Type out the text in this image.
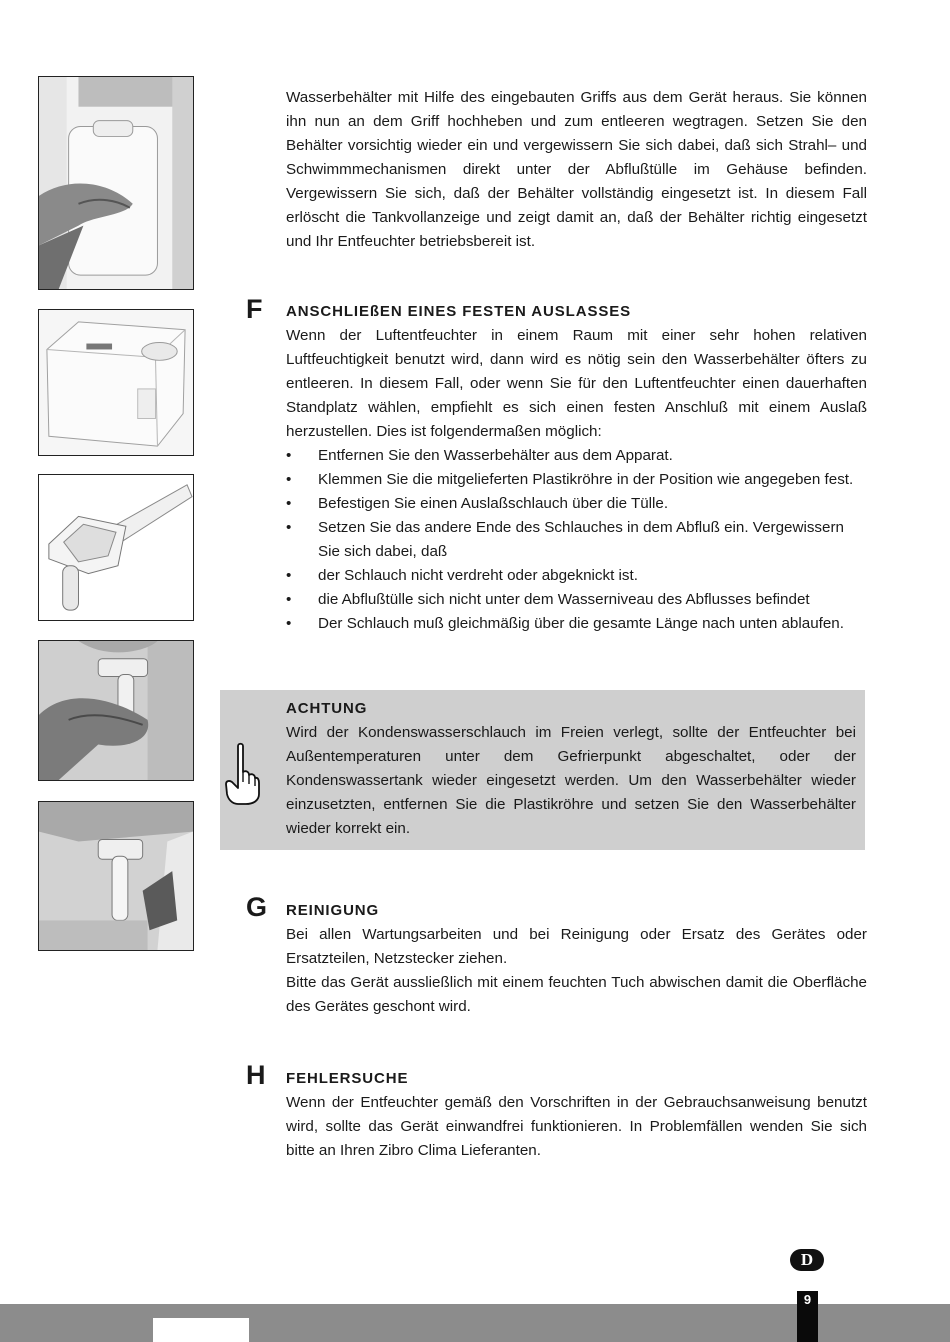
Wasserbehälter mit Hilfe des eingebauten Griffs aus dem Gerät heraus. Sie können ihn nun an dem Griff hochheben und zum entleeren wegtragen. Setzen Sie den Behälter vorsichtig wieder ein und vergewissern Sie sich dabei, daß sich Strahl– und Schwimmmechanismen direkt unter der Abflußtülle im Gehäuse befinden. Vergewissern Sie sich, daß der Behälter vollständig eingesetzt ist. In diesem Fall erlöscht die Tankvollanzeige und zeigt damit an, daß der Behälter richtig eingesetzt und Ihr Entfeuchter betriebsbereit ist.

F ANSCHLIEßEN EINES FESTEN AUSLASSES

Wenn der Luftentfeuchter in einem Raum mit einer sehr hohen relativen Luftfeuchtigkeit benutzt wird, dann wird es nötig sein den Wasserbehälter öfters zu entleeren. In diesem Fall, oder wenn Sie für den Luftentfeuchter einen dauerhaften Standplatz wählen, empfiehlt es sich einen festen Anschluß mit einem Auslaß herzustellen. Dies ist folgendermaßen möglich:

• Entfernen Sie den Wasserbehälter aus dem Apparat.
• Klemmen Sie die mitgelieferten Plastikröhre in der Position wie angegeben fest.
• Befestigen Sie einen Auslaßschlauch über die Tülle.
• Setzen Sie das andere Ende des Schlauches in dem Abfluß ein. Vergewissern Sie sich dabei, daß
• der Schlauch nicht verdreht oder abgeknickt ist.
• die Abflußtülle sich nicht unter dem Wasserniveau des Abflusses befindet
• Der Schlauch muß gleichmäßig über die gesamte Länge nach unten ablaufen.

ACHTUNG

Wird der Kondenswasserschlauch im Freien verlegt, sollte der Entfeuchter bei Außentemperaturen unter dem Gefrierpunkt abgeschaltet, oder der Kondenswassertank wieder eingesetzt werden. Um den Wasserbehälter wieder einzusetzten, entfernen Sie die Plastikröhre und setzen Sie den Wasserbehälter wieder korrekt ein.

G REINIGUNG

Bei allen Wartungsarbeiten und bei Reinigung oder Ersatz des Gerätes oder Ersatzteilen, Netzstecker ziehen.

Bitte das Gerät aussließlich mit einem feuchten Tuch abwischen damit die Oberfläche des Gerätes geschont wird.

H FEHLERSUCHE

Wenn der Entfeuchter gemäß den Vorschriften in der Gebrauchsanweisung benutzt wird, sollte das Gerät einwandfrei funktionieren. In Problemfällen wenden Sie sich bitte an Ihren Zibro Clima Lieferanten.

D
9
